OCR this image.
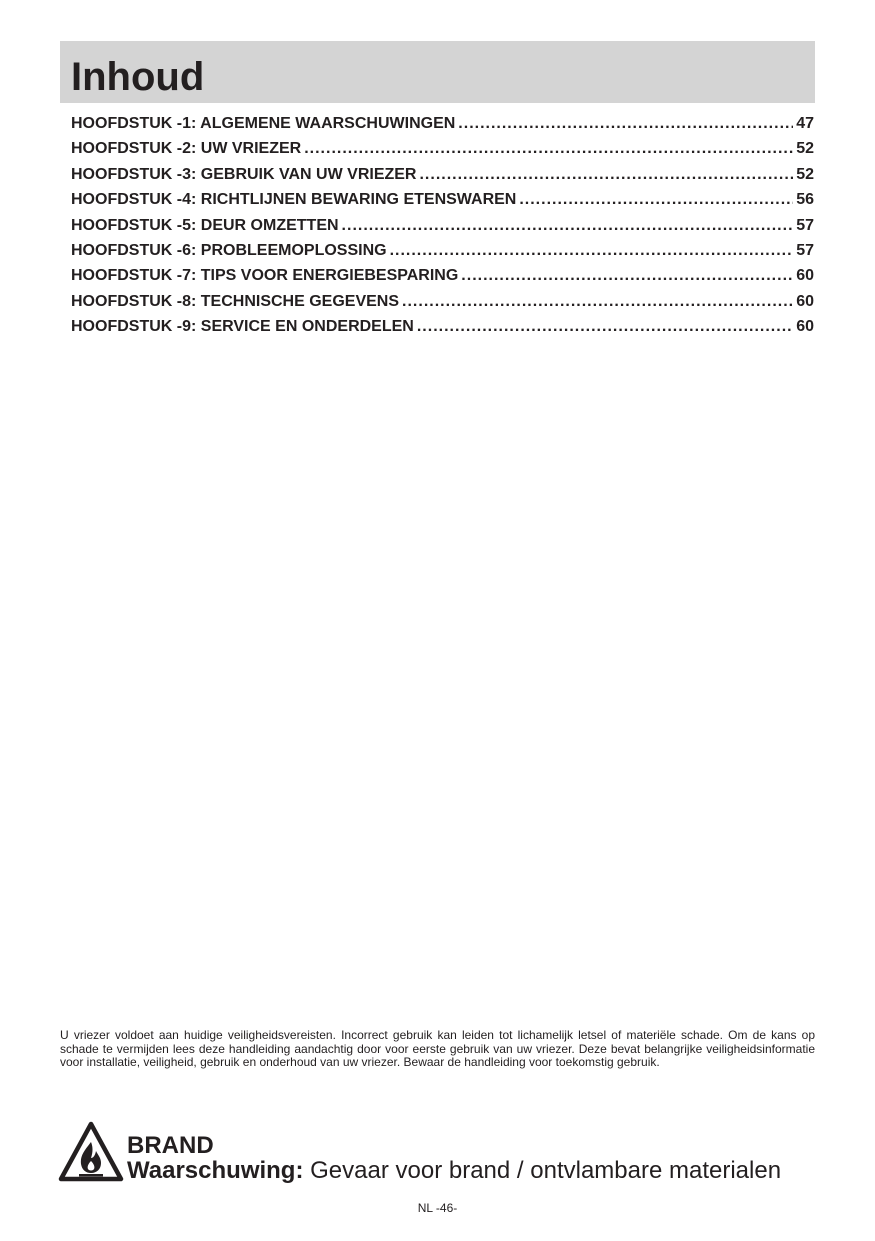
Inhoud
HOOFDSTUK -1: ALGEMENE WAARSCHUWINGEN .....	47
HOOFDSTUK -2: UW VRIEZER .....	52
HOOFDSTUK -3: GEBRUIK VAN UW VRIEZER .....	52
HOOFDSTUK -4: RICHTLIJNEN BEWARING ETENSWAREN .....	56
HOOFDSTUK -5: DEUR OMZETTEN .....	57
HOOFDSTUK -6: PROBLEEMOPLOSSING .....	57
HOOFDSTUK -7: TIPS VOOR ENERGIEBESPARING .....	60
HOOFDSTUK -8: TECHNISCHE GEGEVENS .....	60
HOOFDSTUK -9: SERVICE EN ONDERDELEN .....	60

U vriezer voldoet aan huidige veiligheidsvereisten. Incorrect gebruik kan leiden tot lichamelijk letsel of materiële schade. Om de kans op schade te vermijden lees deze handleiding aandachtig door voor eerste gebruik van uw vriezer. Deze bevat belangrijke veiligheidsinformatie voor installatie, veiligheid, gebruik en onderhoud van uw vriezer. Bewaar de handleiding voor toekomstig gebruik.

BRAND
Waarschuwing: Gevaar voor brand / ontvlambare materialen
NL -46-
